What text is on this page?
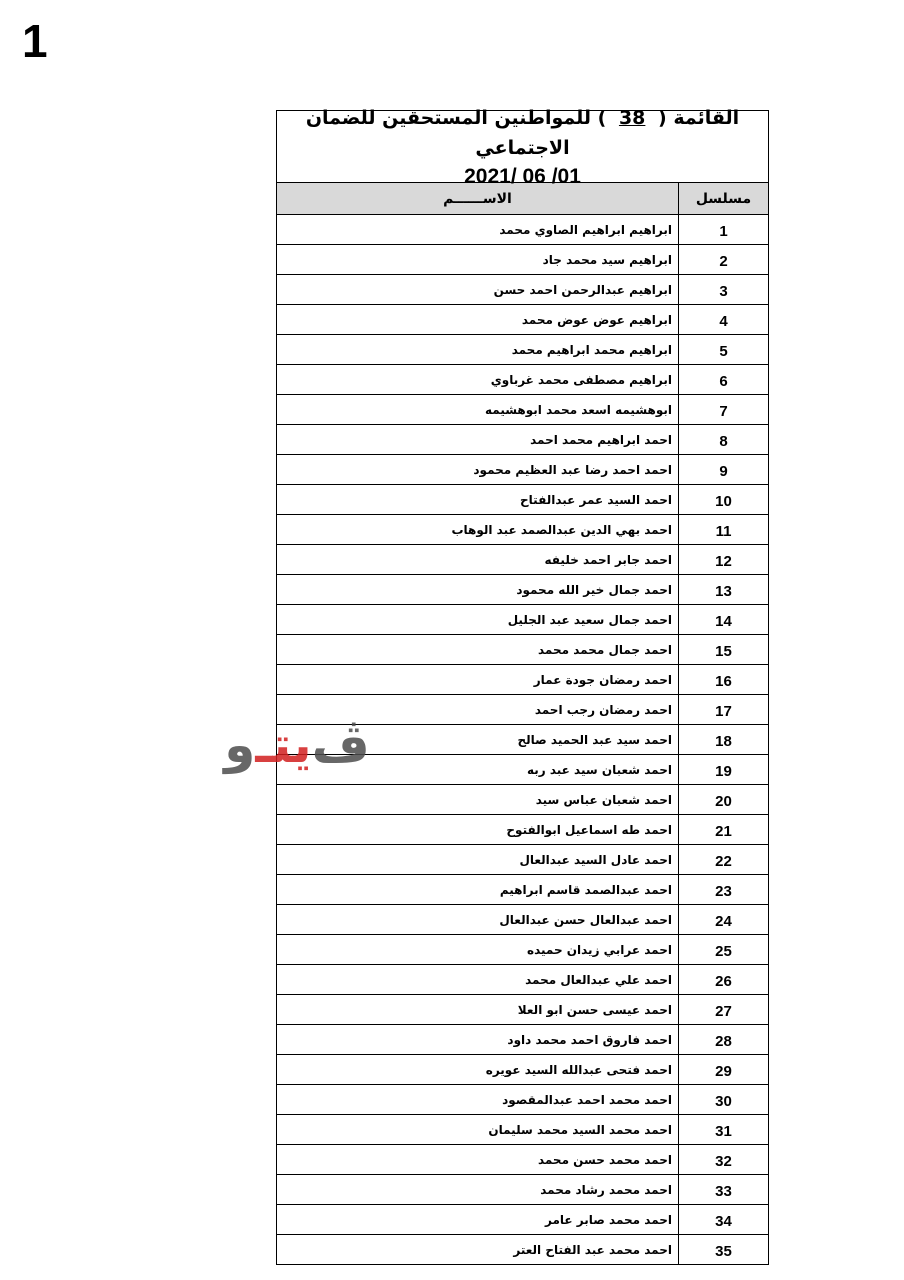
1
القائمة ( 38 ) للمواطنين المستحقين للضمان الاجتماعي
2021/ 06 /01
مسلسل	الاســــــم
1	ابراهيم ابراهيم الصاوي محمد
2	ابراهيم سيد محمد جاد
3	ابراهيم عبدالرحمن احمد حسن
4	ابراهيم عوض عوض محمد
5	ابراهيم محمد ابراهيم محمد
6	ابراهيم مصطفى محمد غرباوي
7	ابوهشيمه اسعد محمد ابوهشيمه
8	احمد ابراهيم محمد احمد
9	احمد احمد رضا عبد العظيم محمود
10	احمد السيد عمر عبدالفتاح
11	احمد بهي الدين عبدالصمد عبد الوهاب
12	احمد جابر احمد خليفه
13	احمد جمال خير الله محمود
14	احمد جمال سعيد عبد الجليل
15	احمد جمال محمد محمد
16	احمد رمضان جودة عمار
17	احمد رمضان رجب احمد
18	احمد سيد عبد الحميد صالح
19	احمد شعبان سيد عبد ربه
20	احمد شعبان عباس سيد
21	احمد طه اسماعيل ابوالفتوح
22	احمد عادل السيد عبدالعال
23	احمد عبدالصمد قاسم ابراهيم
24	احمد عبدالعال حسن عبدالعال
25	احمد عرابي زيدان حميده
26	احمد علي عبدالعال محمد
27	احمد عيسى حسن ابو العلا
28	احمد فاروق احمد محمد داود
29	احمد فتحى عبدالله السيد عويره
30	احمد محمد احمد عبدالمقصود
31	احمد محمد السيد محمد سليمان
32	احمد محمد حسن محمد
33	احمد محمد رشاد محمد
34	احمد محمد صابر عامر
35	احمد محمد عبد الفتاح العتر
ڤ
يتـ
و
